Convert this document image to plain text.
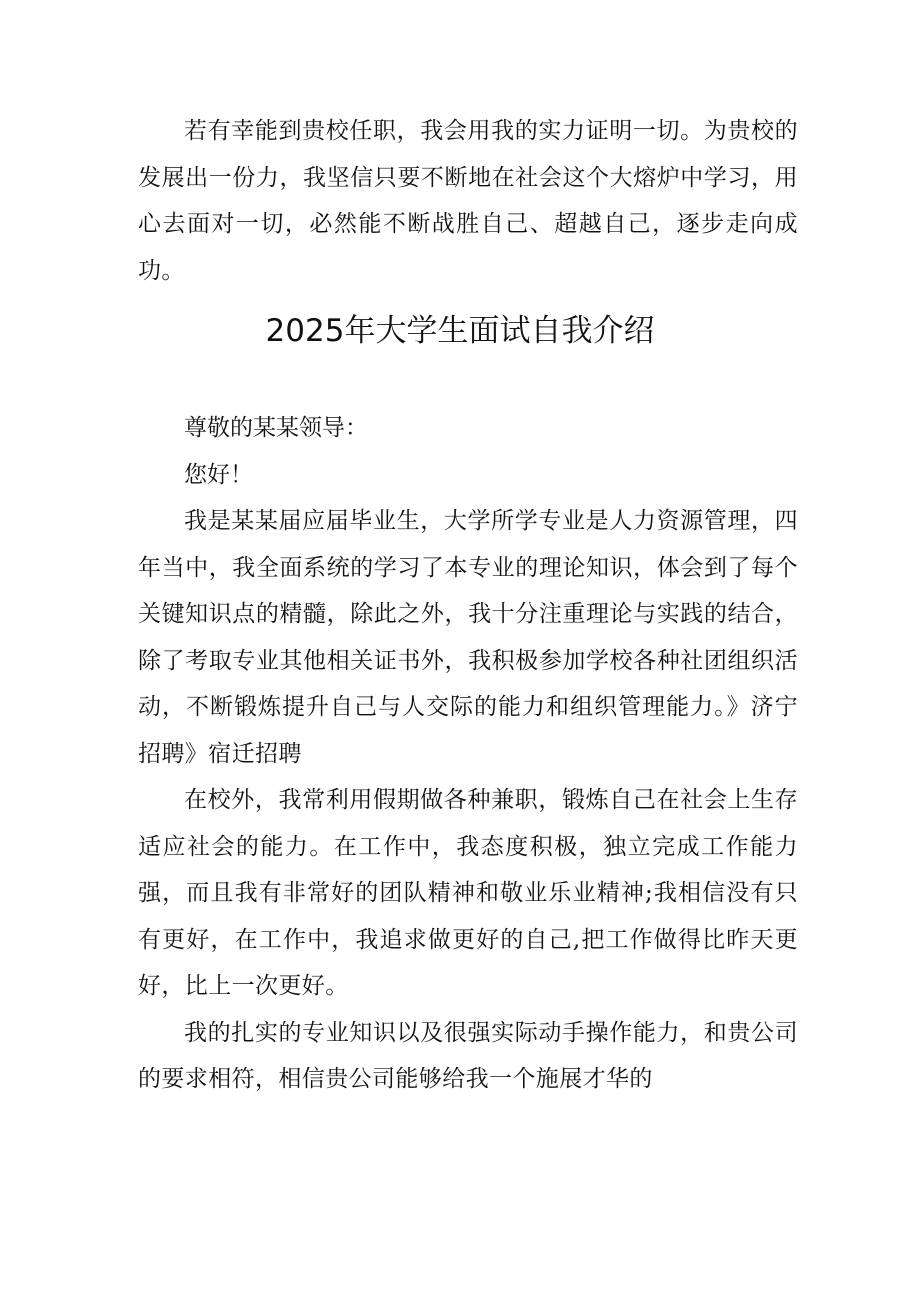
若有幸能到贵校任职，我会用我的实力证明一切。为贵校的发展出一份力，我坚信只要不断地在社会这个大熔炉中学习，用心去面对一切，必然能不断战胜自己、超越自己，逐步走向成功。

2025年大学生面试自我介绍

尊敬的某某领导：

您好！

我是某某届应届毕业生，大学所学专业是人力资源管理，四年当中，我全面系统的学习了本专业的理论知识，体会到了每个关键知识点的精髓，除此之外，我十分注重理论与实践的结合，除了考取专业其他相关证书外，我积极参加学校各种社团组织活动，不断锻炼提升自己与人交际的能力和组织管理能力。》济宁招聘》宿迁招聘

在校外，我常利用假期做各种兼职，锻炼自己在社会上生存适应社会的能力。在工作中，我态度积极，独立完成工作能力强，而且我有非常好的团队精神和敬业乐业精神;我相信没有只有更好，在工作中，我追求做更好的自己,把工作做得比昨天更好，比上一次更好。

我的扎实的专业知识以及很强实际动手操作能力，和贵公司的要求相符，相信贵公司能够给我一个施展才华的
